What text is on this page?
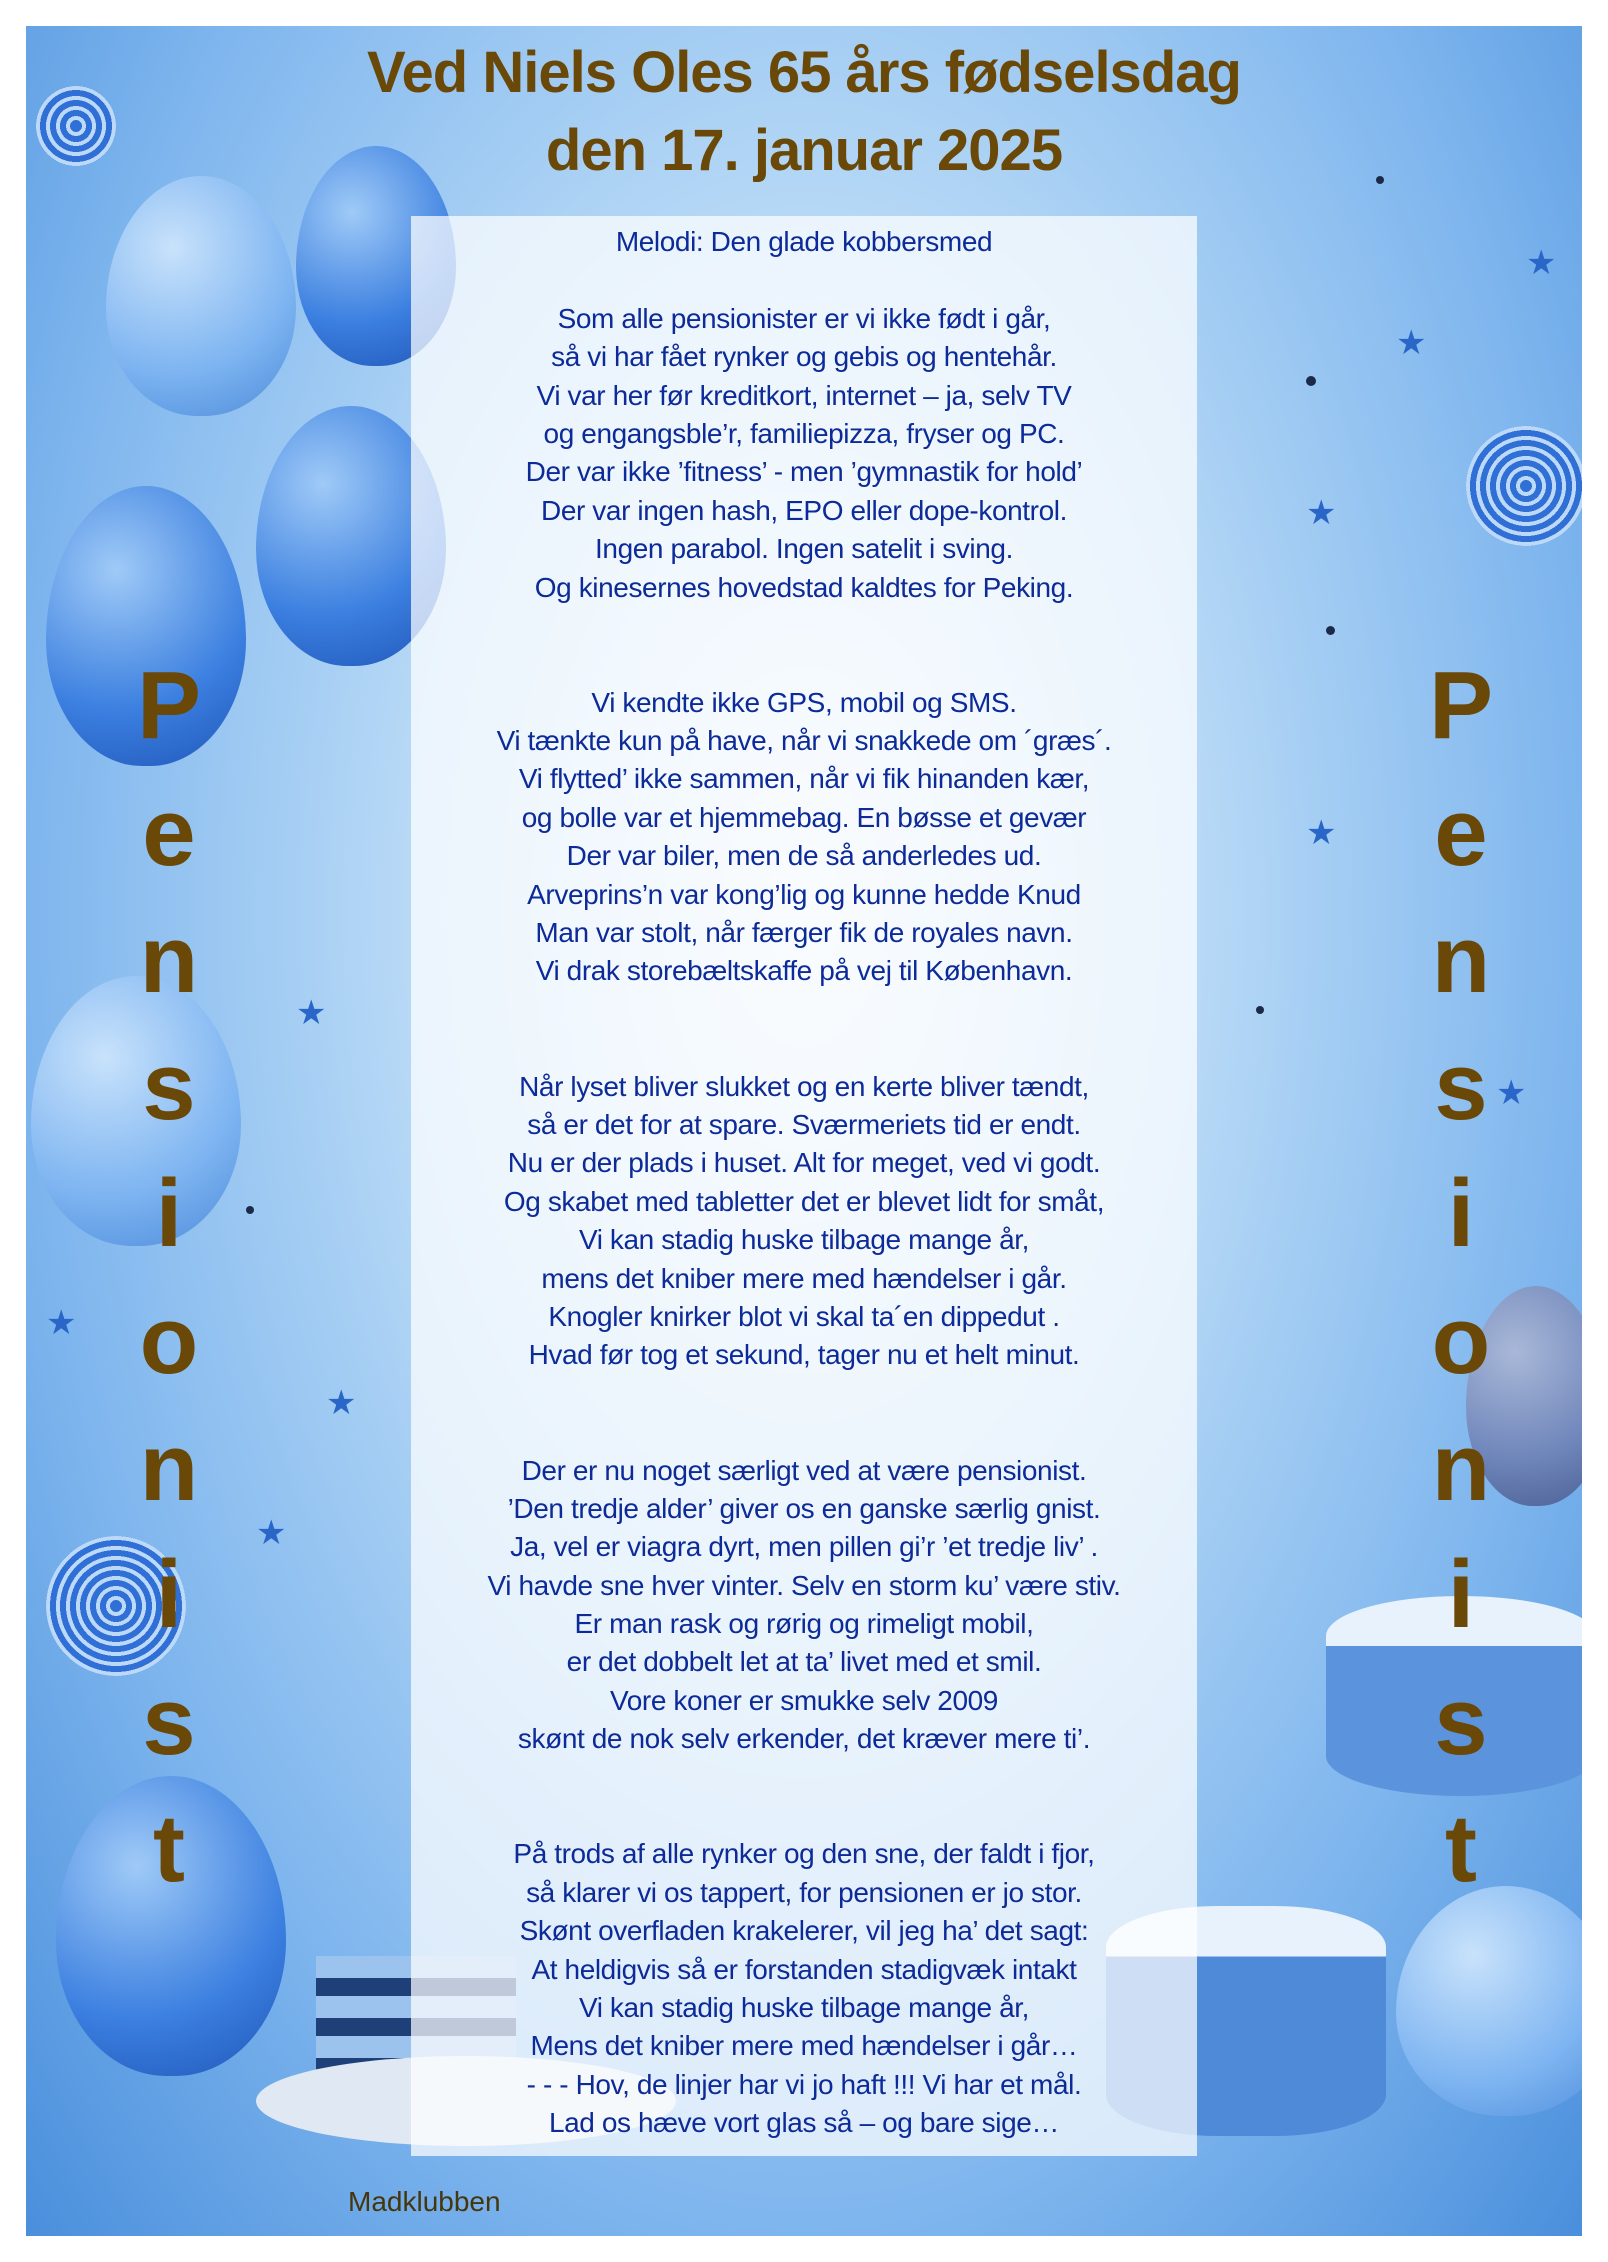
★
★
★
★
★
★
★
★
★
Ved Niels Oles 65 års fødselsdag
den 17. januar 2025
Melodi: Den glade kobbersmed
Som alle pensionister er vi ikke født i går,
så vi har fået rynker og gebis og hentehår.
Vi var her før kreditkort, internet – ja, selv TV
og engangsble’r, familiepizza, fryser og PC.
Der var ikke ’fitness’ - men ’gymnastik for hold’
Der var ingen hash, EPO eller dope-kontrol.
Ingen parabol. Ingen satelit i sving.
Og kinesernes hovedstad kaldtes for Peking.
Vi kendte ikke GPS, mobil og SMS.
Vi tænkte kun på have, når vi snakkede om ´græs´.
Vi flytted’ ikke sammen, når vi fik hinanden kær,
og bolle var et hjemmebag. En bøsse et gevær
Der var biler, men de så anderledes ud.
Arveprins’n var kong’lig og kunne hedde Knud
Man var stolt, når færger fik de royales navn.
Vi drak storebæltskaffe på vej til København.
Når lyset bliver slukket og en kerte bliver tændt,
så er det for at spare. Sværmeriets tid er endt.
Nu er der plads i huset. Alt for meget, ved vi godt.
Og skabet med tabletter det er blevet lidt for småt,
Vi kan stadig huske tilbage mange år,
mens det kniber mere med hændelser i går.
Knogler knirker blot vi skal ta´en dippedut .
Hvad før tog et sekund, tager nu et helt minut.
Der er nu noget særligt ved at være pensionist.
’Den tredje alder’ giver os en ganske særlig gnist.
Ja, vel er viagra dyrt, men pillen gi’r ’et tredje liv’ .
Vi havde sne hver vinter. Selv en storm ku’ være stiv.
Er man rask og rørig og rimeligt mobil,
er det dobbelt let at ta’ livet med et smil.
Vore koner er smukke selv 2009
skønt de nok selv erkender, det kræver mere ti’.
På trods af alle rynker og den sne, der faldt i fjor,
så klarer vi os tappert, for pensionen er jo stor.
Skønt overfladen krakelerer, vil jeg ha’ det sagt:
At heldigvis så er forstanden stadigvæk intakt
Vi kan stadig huske tilbage mange år,
Mens det kniber mere med hændelser i går…
- - - Hov, de linjer har vi jo haft !!! Vi har et mål.
Lad os hæve vort glas så – og bare sige…
P
e
n
s
i
o
n
i
s
t
P
e
n
s
i
o
n
i
s
t
Madklubben
